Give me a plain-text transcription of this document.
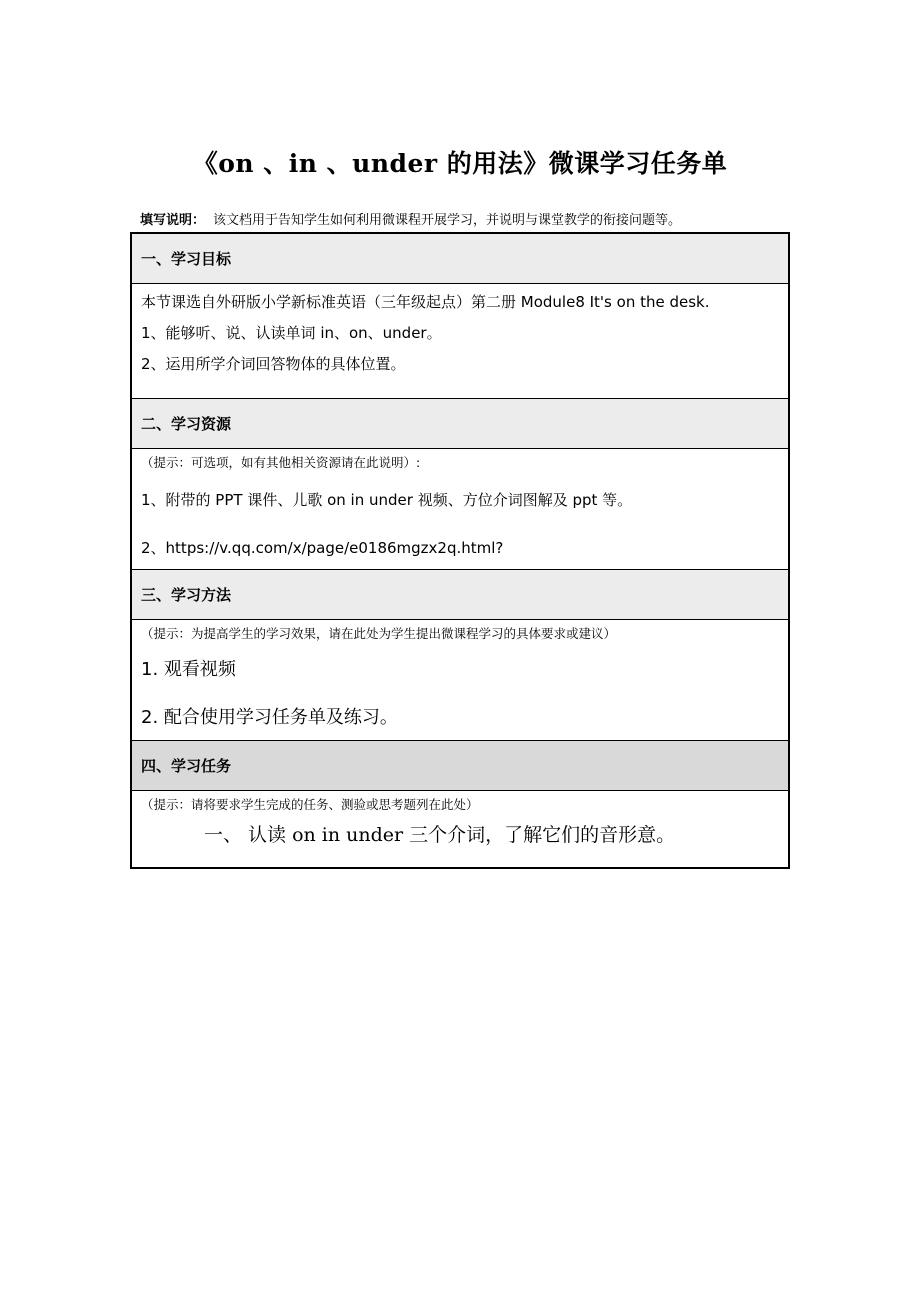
《on 、in 、under 的用法》微课学习任务单
填写说明： 该文档用于告知学生如何利用微课程开展学习，并说明与课堂教学的衔接问题等。
一、学习目标
本节课选自外研版小学新标准英语（三年级起点）第二册 Module8 It's on the desk.
1、能够听、说、认读单词 in、on、under。
2、运用所学介词回答物体的具体位置。
二、学习资源
（提示：可选项，如有其他相关资源请在此说明）:
1、附带的 PPT 课件、儿歌 on in under 视频、方位介词图解及 ppt 等。
2、https://v.qq.com/x/page/e0186mgzx2q.html?
三、学习方法
（提示：为提高学生的学习效果，请在此处为学生提出微课程学习的具体要求或建议）
1. 观看视频
2. 配合使用学习任务单及练习。
四、学习任务
（提示：请将要求学生完成的任务、测验或思考题列在此处）
一、 认读 on in under 三个介词，了解它们的音形意。
